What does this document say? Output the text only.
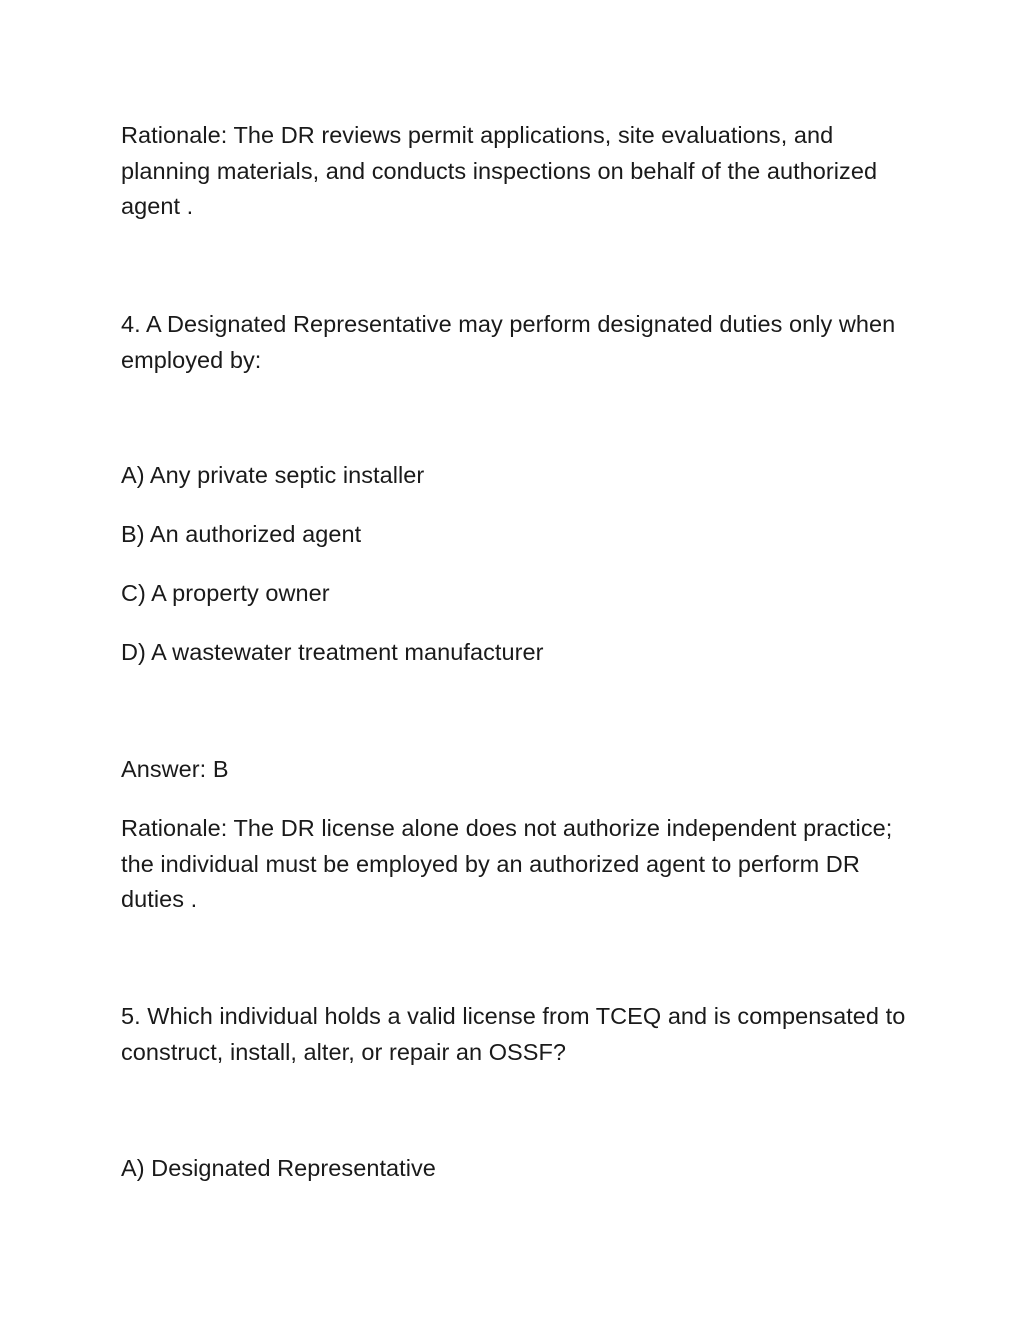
Rationale: The DR reviews permit applications, site evaluations, and planning materials, and conducts inspections on behalf of the authorized agent .

4. A Designated Representative may perform designated duties only when employed by:

A) Any private septic installer

B) An authorized agent

C) A property owner

D) A wastewater treatment manufacturer

Answer: B

Rationale: The DR license alone does not authorize independent practice; the individual must be employed by an authorized agent to perform DR duties .

5. Which individual holds a valid license from TCEQ and is compensated to construct, install, alter, or repair an OSSF?

A) Designated Representative
